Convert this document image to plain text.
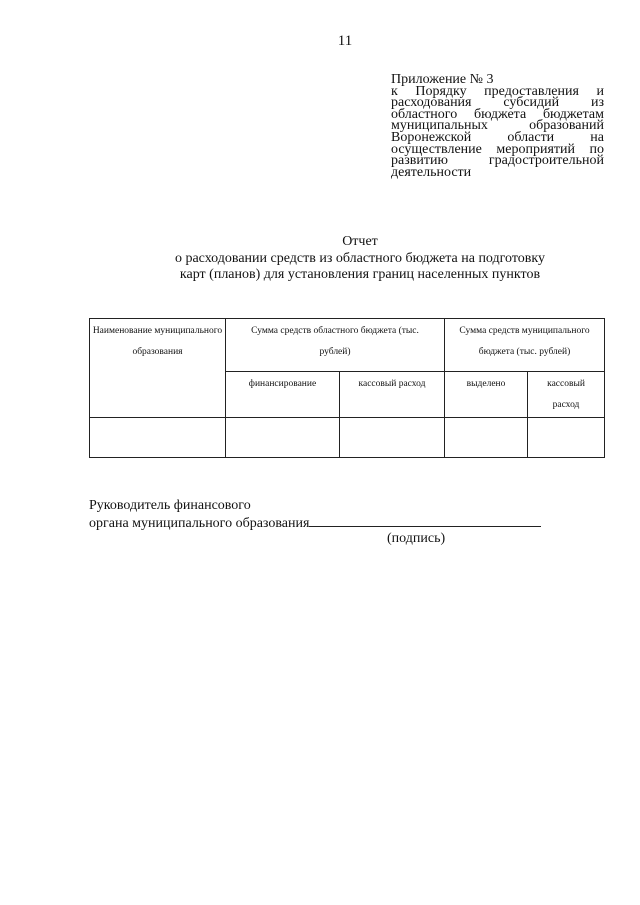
11
Приложение № 3
к Порядку предоставления и
расходования субсидий из
областного бюджета бюджетам
муниципальных образований
Воронежской области на
осуществление мероприятий по
развитию градостроительной
деятельности
Отчет
о расходовании средств из областного бюджета на подготовку
карт (планов) для установления границ населенных пунктов
Наименование муниципального образования	Сумма средств областного бюджета (тыс. рублей)		Сумма средств муниципального бюджета (тыс. рублей)	
	финансирование	кассовый расход	выделено	кассовый расход

Руководитель финансового
органа муниципального образования
(подпись)
